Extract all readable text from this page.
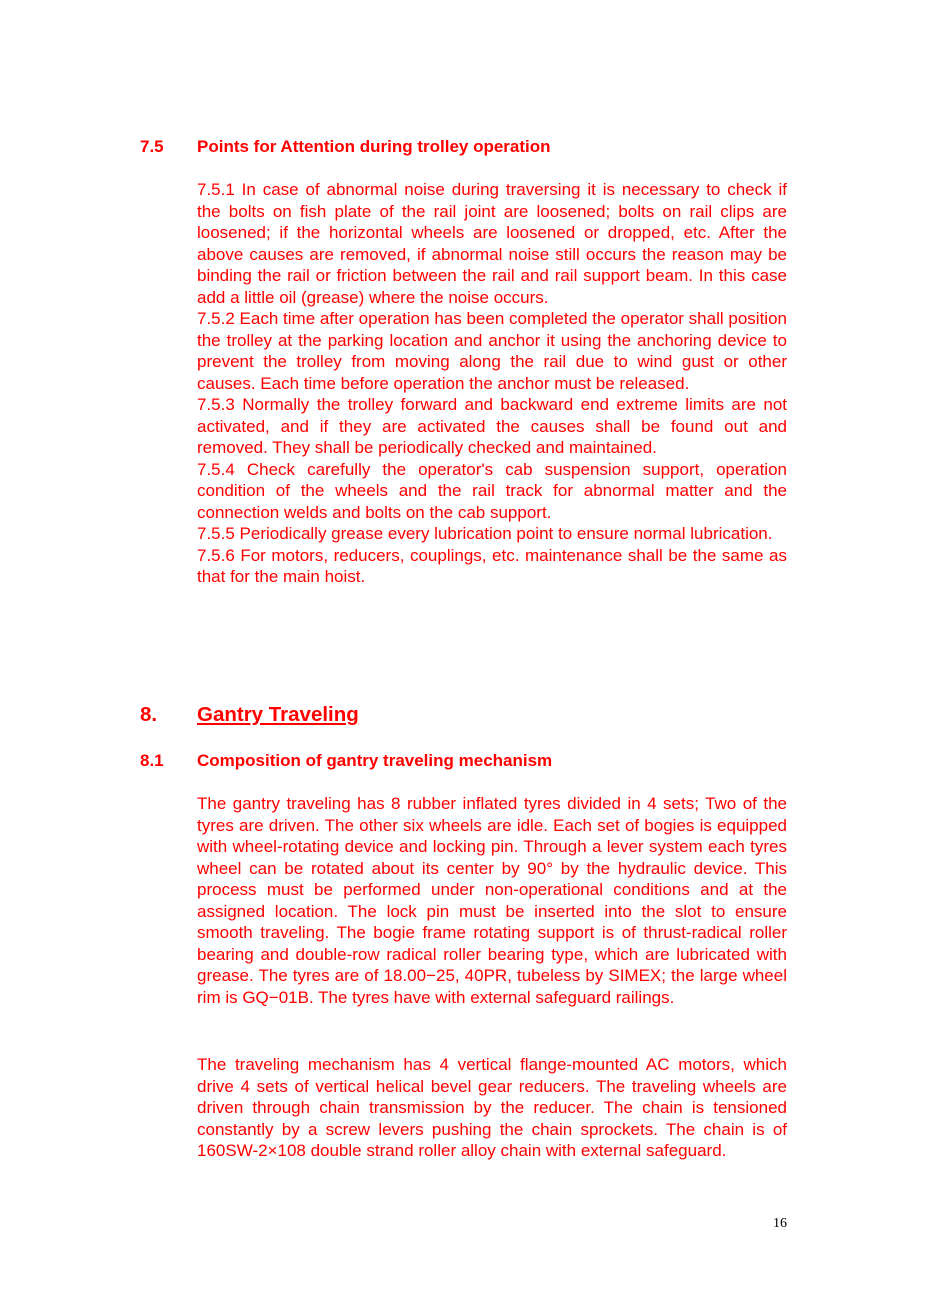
7.5 Points for Attention during trolley operation

7.5.1 In case of abnormal noise during traversing it is necessary to check if the bolts on fish plate of the rail joint are loosened; bolts on rail clips are loosened; if the horizontal wheels are loosened or dropped, etc. After the above causes are removed, if abnormal noise still occurs the reason may be binding the rail or friction between the rail and rail support beam. In this case add a little oil (grease) where the noise occurs.

7.5.2 Each time after operation has been completed the operator shall position the trolley at the parking location and anchor it using the anchoring device to prevent the trolley from moving along the rail due to wind gust or other causes. Each time before operation the anchor must be released.

7.5.3 Normally the trolley forward and backward end extreme limits are not activated, and if they are activated the causes shall be found out and removed. They shall be periodically checked and maintained.

7.5.4 Check carefully the operator's cab suspension support, operation condition of the wheels and the rail track for abnormal matter and the connection welds and bolts on the cab support.

7.5.5 Periodically grease every lubrication point to ensure normal lubrication.

7.5.6 For motors, reducers, couplings, etc. maintenance shall be the same as that for the main hoist.

8. Gantry Traveling
8.1 Composition of gantry traveling mechanism

The gantry traveling has 8 rubber inflated tyres divided in 4 sets; Two of the tyres are driven. The other six wheels are idle. Each set of bogies is equipped with wheel-rotating device and locking pin. Through a lever system each tyres wheel can be rotated about its center by 90° by the hydraulic device. This process must be performed under non-operational conditions and at the assigned location. The lock pin must be inserted into the slot to ensure smooth traveling. The bogie frame rotating support is of thrust-radical roller bearing and double-row radical roller bearing type, which are lubricated with grease. The tyres are of 18.00−25, 40PR, tubeless by SIMEX; the large wheel rim is GQ−01B. The tyres have with external safeguard railings.

The traveling mechanism has 4 vertical flange-mounted AC motors, which drive 4 sets of vertical helical bevel gear reducers. The traveling wheels are driven through chain transmission by the reducer. The chain is tensioned constantly by a screw levers pushing the chain sprockets. The chain is of 160SW-2×108 double strand roller alloy chain with external safeguard.

16
